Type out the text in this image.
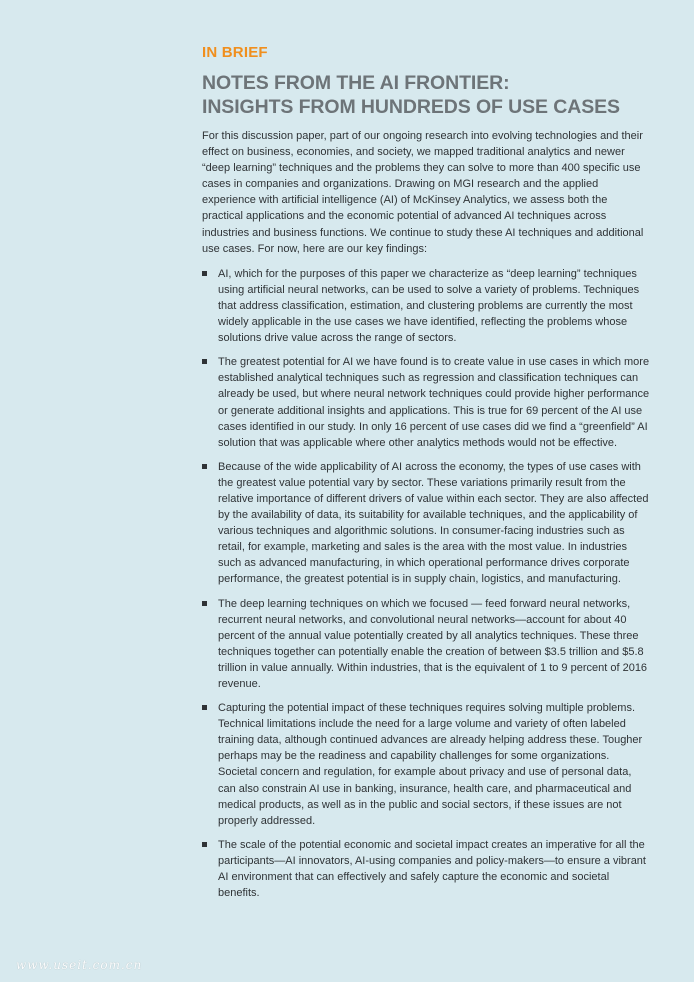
IN BRIEF
NOTES FROM THE AI FRONTIER:
INSIGHTS FROM HUNDREDS OF USE CASES

For this discussion paper, part of our ongoing research into evolving technologies and their effect on business, economies, and society, we mapped traditional analytics and newer “deep learning” techniques and the problems they can solve to more than 400 specific use cases in companies and organizations. Drawing on MGI research and the applied experience with artificial intelligence (AI) of McKinsey Analytics, we assess both the practical applications and the economic potential of advanced AI techniques across industries and business functions. We continue to study these AI techniques and additional use cases. For now, here are our key findings:

AI, which for the purposes of this paper we characterize as “deep learning” techniques using artificial neural networks, can be used to solve a variety of problems. Techniques that address classification, estimation, and clustering problems are currently the most widely applicable in the use cases we have identified, reflecting the problems whose solutions drive value across the range of sectors.
The greatest potential for AI we have found is to create value in use cases in which more established analytical techniques such as regression and classification techniques can already be used, but where neural network techniques could provide higher performance or generate additional insights and applications. This is true for 69 percent of the AI use cases identified in our study. In only 16 percent of use cases did we find a “greenfield” AI solution that was applicable where other analytics methods would not be effective.
Because of the wide applicability of AI across the economy, the types of use cases with the greatest value potential vary by sector. These variations primarily result from the relative importance of different drivers of value within each sector. They are also affected by the availability of data, its suitability for available techniques, and the applicability of various techniques and algorithmic solutions. In consumer-facing industries such as retail, for example, marketing and sales is the area with the most value. In industries such as advanced manufacturing, in which operational performance drives corporate performance, the greatest potential is in supply chain, logistics, and manufacturing.
The deep learning techniques on which we focused — feed forward neural networks, recurrent neural networks, and convolutional neural networks—account for about 40 percent of the annual value potentially created by all analytics techniques. These three techniques together can potentially enable the creation of between $3.5 trillion and $5.8 trillion in value annually. Within industries, that is the equivalent of 1 to 9 percent of 2016 revenue.
Capturing the potential impact of these techniques requires solving multiple problems. Technical limitations include the need for a large volume and variety of often labeled training data, although continued advances are already helping address these. Tougher perhaps may be the readiness and capability challenges for some organizations. Societal concern and regulation, for example about privacy and use of personal data, can also constrain AI use in banking, insurance, health care, and pharmaceutical and medical products, as well as in the public and social sectors, if these issues are not properly addressed.
The scale of the potential economic and societal impact creates an imperative for all the participants—AI innovators, AI-using companies and policy-makers—to ensure a vibrant AI environment that can effectively and safely capture the economic and societal benefits.
www.useit.com.cn
